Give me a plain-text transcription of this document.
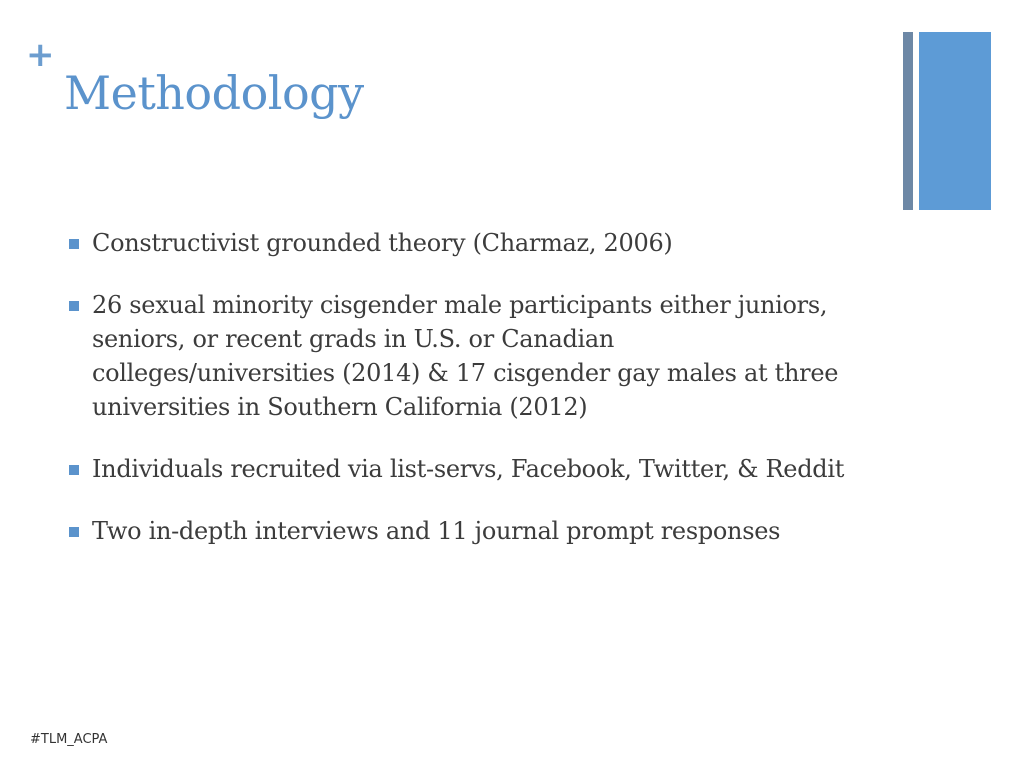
+
Methodology
Constructivist grounded theory (Charmaz, 2006)
26 sexual minority cisgender male participants either juniors, seniors, or recent grads in U.S. or Canadian colleges/universities (2014) & 17 cisgender gay males at three universities in Southern California (2012)
Individuals recruited via list-servs, Facebook, Twitter, & Reddit
Two in-depth interviews and 11 journal prompt responses
#TLM_ACPA
